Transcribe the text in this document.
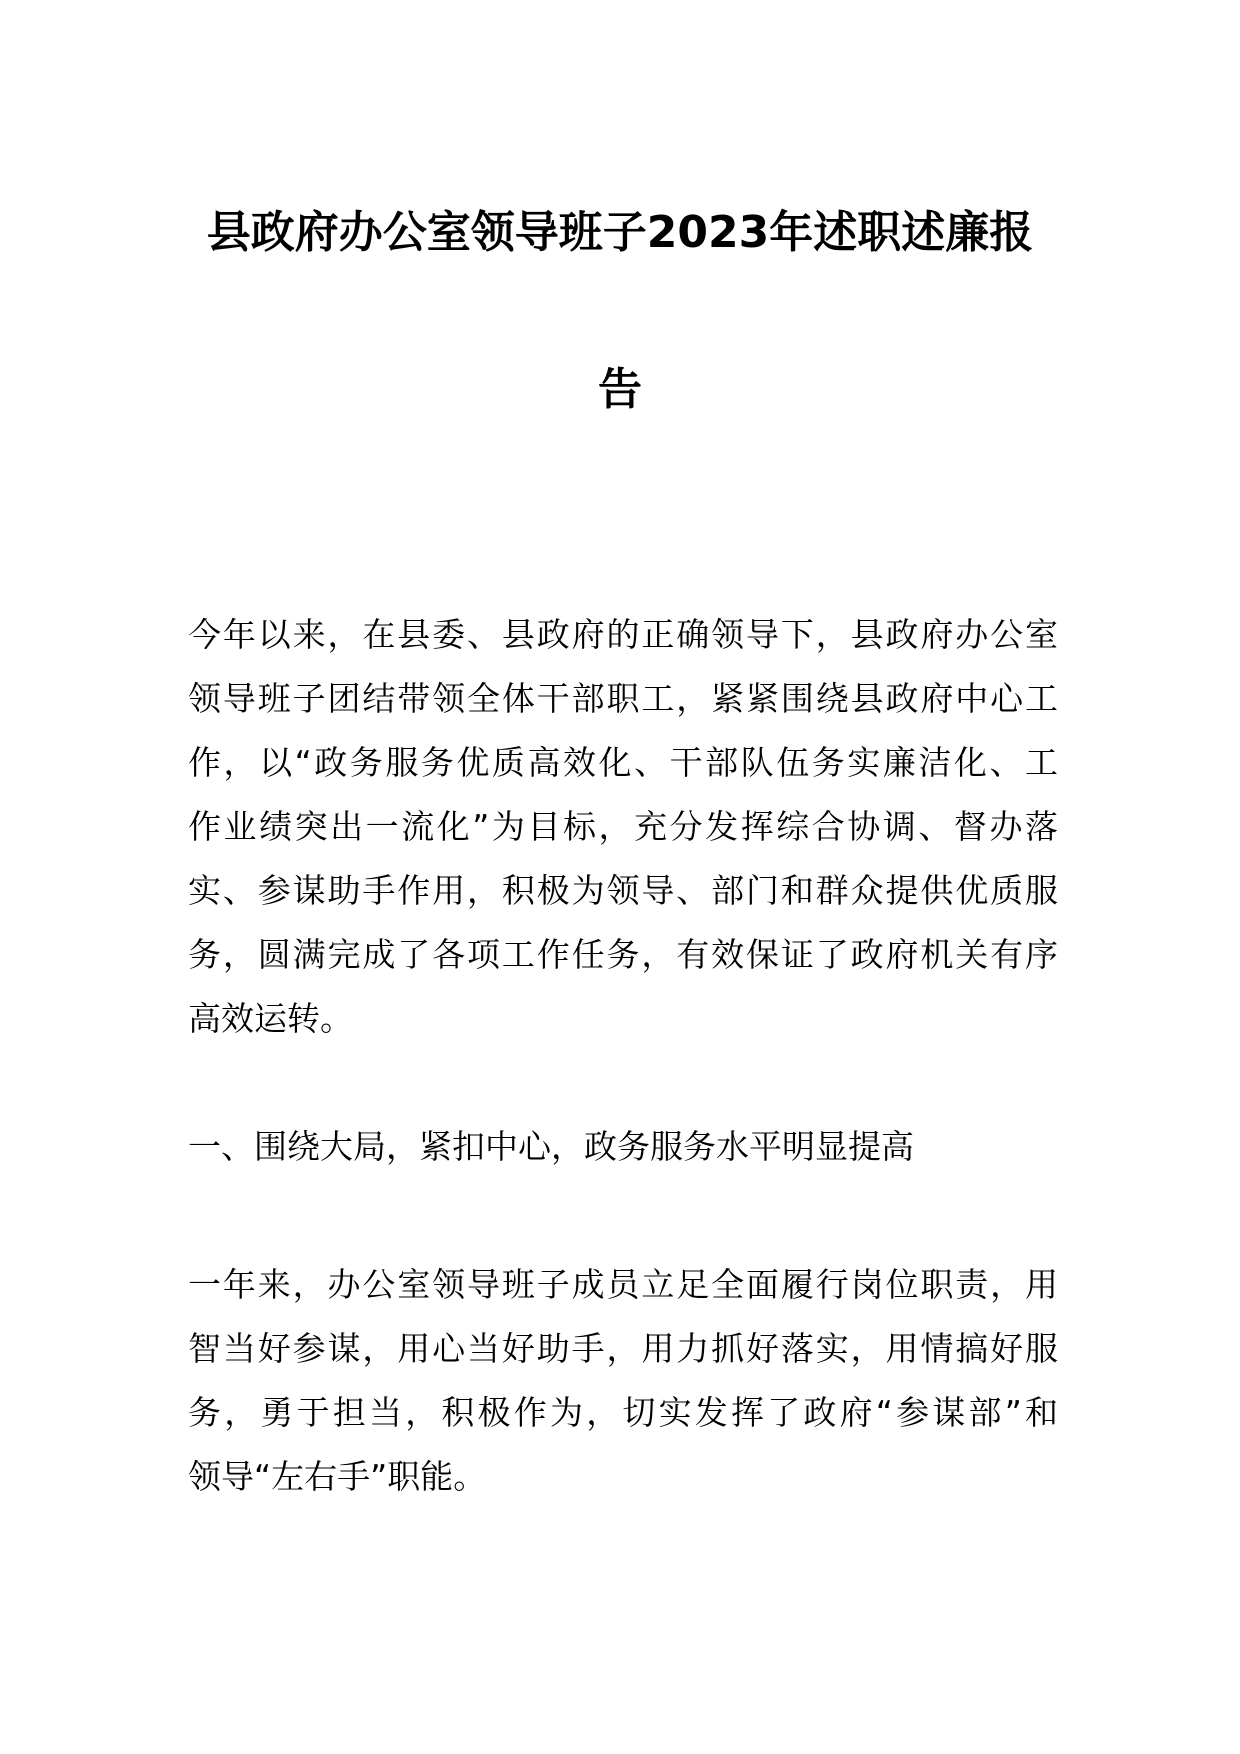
县政府办公室领导班子2023年述职述廉报
告
今年以来，在县委、县政府的正确领导下，县政府办公室
领导班子团结带领全体干部职工，紧紧围绕县政府中心工
作，以“政务服务优质高效化、干部队伍务实廉洁化、工
作业绩突出一流化”为目标，充分发挥综合协调、督办落
实、参谋助手作用，积极为领导、部门和群众提供优质服
务，圆满完成了各项工作任务，有效保证了政府机关有序
高效运转。
一、围绕大局，紧扣中心，政务服务水平明显提高
一年来，办公室领导班子成员立足全面履行岗位职责，用
智当好参谋，用心当好助手，用力抓好落实，用情搞好服
务，勇于担当，积极作为，切实发挥了政府“参谋部”和
领导“左右手”职能。
